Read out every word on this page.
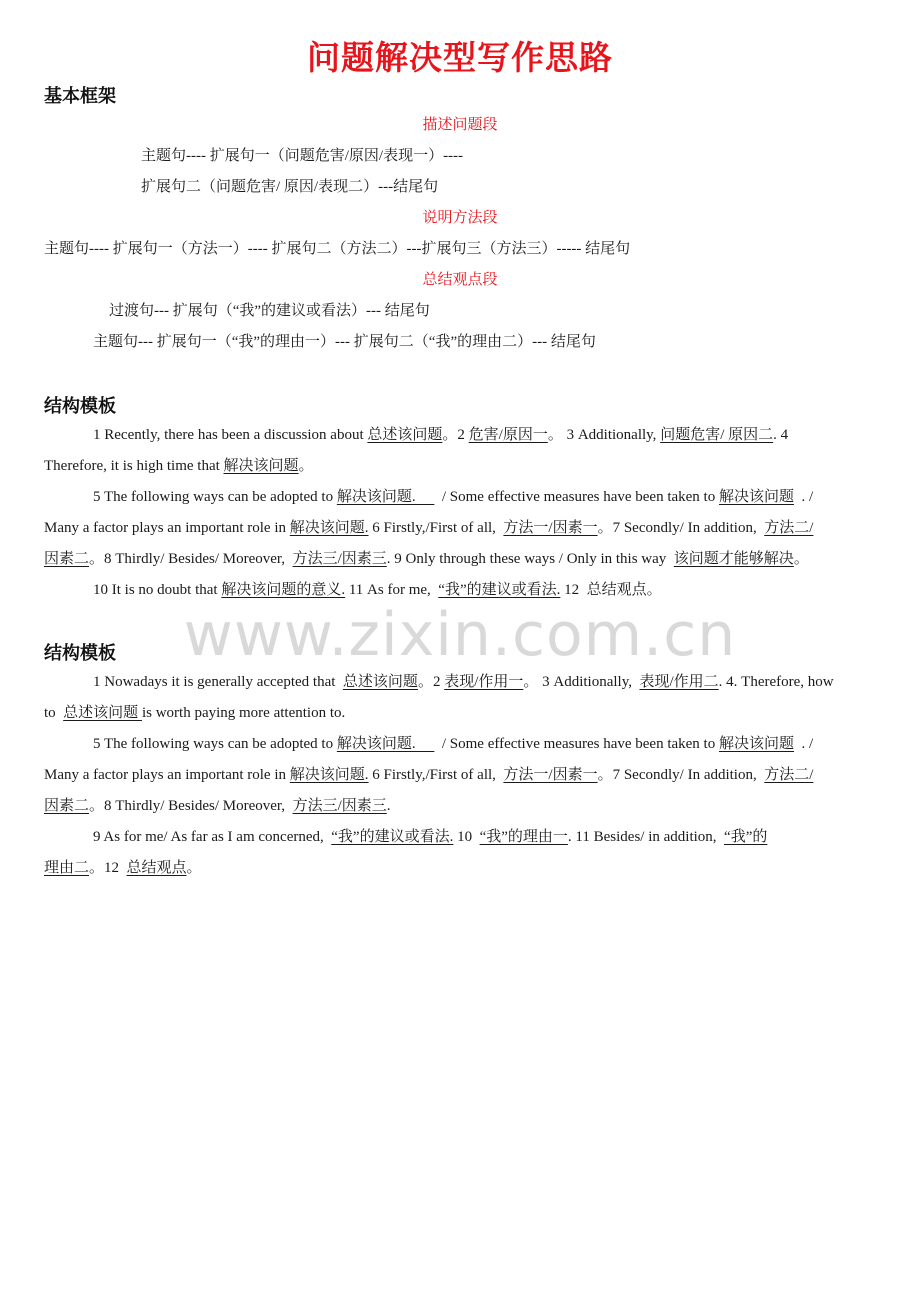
问题解决型写作思路
基本框架
描述问题段
主题句---- 扩展句一（问题危害/原因/表现一）----
扩展句二（问题危害/ 原因/表现二）---结尾句
说明方法段
主题句---- 扩展句一（方法一）---- 扩展句二（方法二）---扩展句三（方法三）----- 结尾句
总结观点段
过渡句--- 扩展句（“我”的建议或看法）--- 结尾句
主题句--- 扩展句一（“我”的理由一）--- 扩展句二（“我”的理由二）--- 结尾句
结构模板
1 Recently, there has been a discussion about 总述该问题。2 危害/原因一。 3 Additionally, 问题危害/ 原因二. 4
Therefore, it is high time that 解决该问题。
5 The following ways can be adopted to 解决该问题.       / Some effective measures have been taken to 解决该问题  . /
Many a factor plays an important role in 解决该问题. 6 Firstly,/First of all,  方法一/因素一。7 Secondly/ In addition,  方法二/
因素二。8 Thirdly/ Besides/ Moreover,  方法三/因素三. 9 Only through these ways / Only in this way  该问题才能够解决。
10 It is no doubt that 解决该问题的意义. 11 As for me,  “我”的建议或看法. 12  总结观点。
www.zixin.com.cn
结构模板
1 Nowadays it is generally accepted that  总述该问题。2 表现/作用一。 3 Additionally,  表现/作用二. 4. Therefore, how
to  总述该问题 is worth paying more attention to.
5 The following ways can be adopted to 解决该问题.       / Some effective measures have been taken to 解决该问题  . /
Many a factor plays an important role in 解决该问题. 6 Firstly,/First of all,  方法一/因素一。7 Secondly/ In addition,  方法二/
因素二。8 Thirdly/ Besides/ Moreover,  方法三/因素三.
9 As for me/ As far as I am concerned,  “我”的建议或看法. 10  “我”的理由一. 11 Besides/ in addition,  “我”的
理由二。12  总结观点。
